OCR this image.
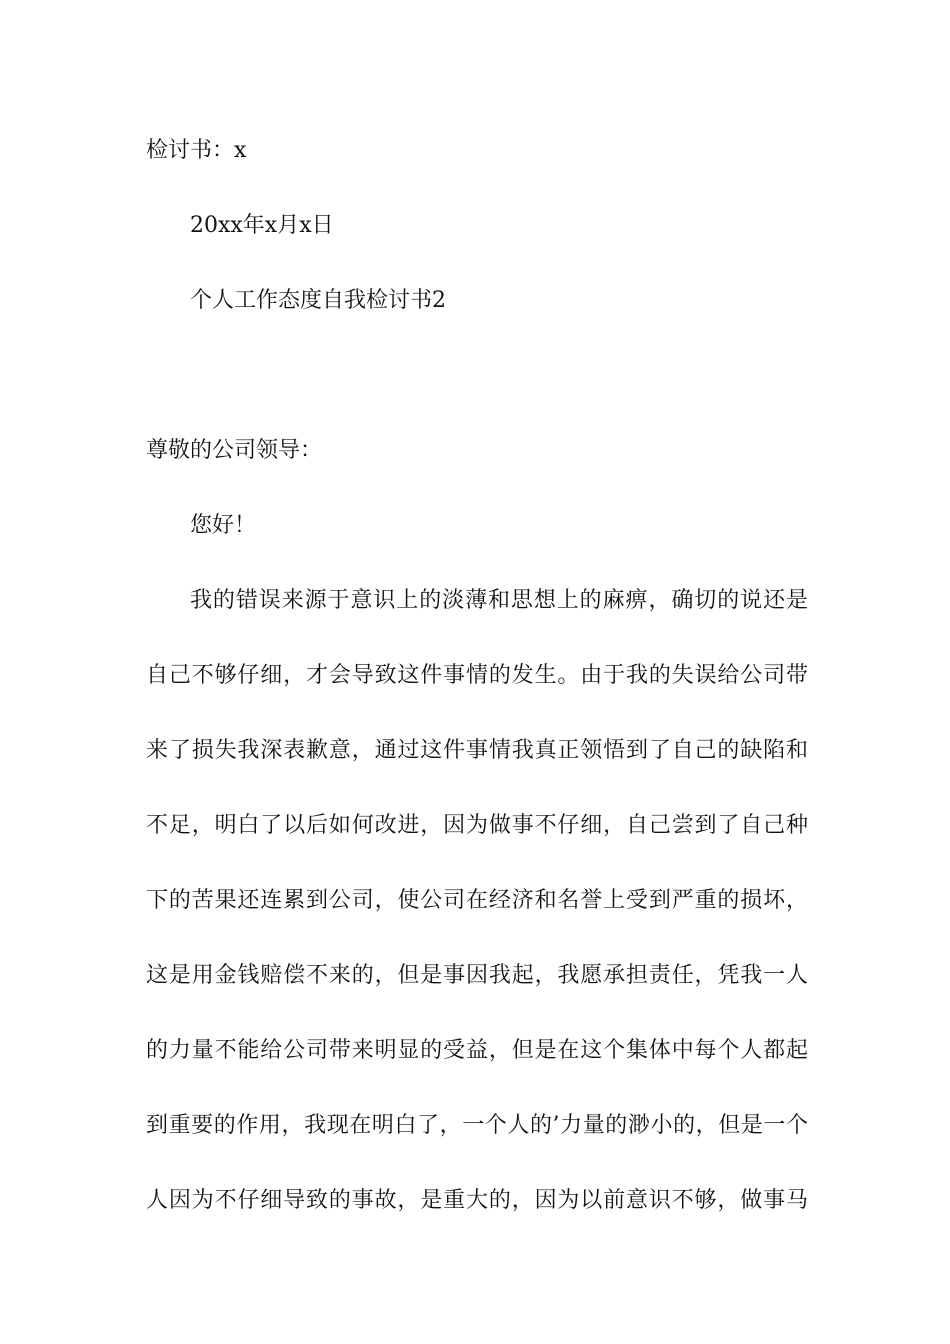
检讨书：x
20xx年x月x日
个人工作态度自我检讨书2
尊敬的公司领导：
您好！
我的错误来源于意识上的淡薄和思想上的麻痹，确切的说还是
自己不够仔细，才会导致这件事情的发生。由于我的失误给公司带
来了损失我深表歉意，通过这件事情我真正领悟到了自己的缺陷和
不足，明白了以后如何改进，因为做事不仔细，自己尝到了自己种
下的苦果还连累到公司，使公司在经济和名誉上受到严重的损坏，
这是用金钱赔偿不来的，但是事因我起，我愿承担责任，凭我一人
的力量不能给公司带来明显的受益，但是在这个集体中每个人都起
到重要的作用，我现在明白了，一个人的’力量的渺小的，但是一个
人因为不仔细导致的事故，是重大的，因为以前意识不够，做事马
